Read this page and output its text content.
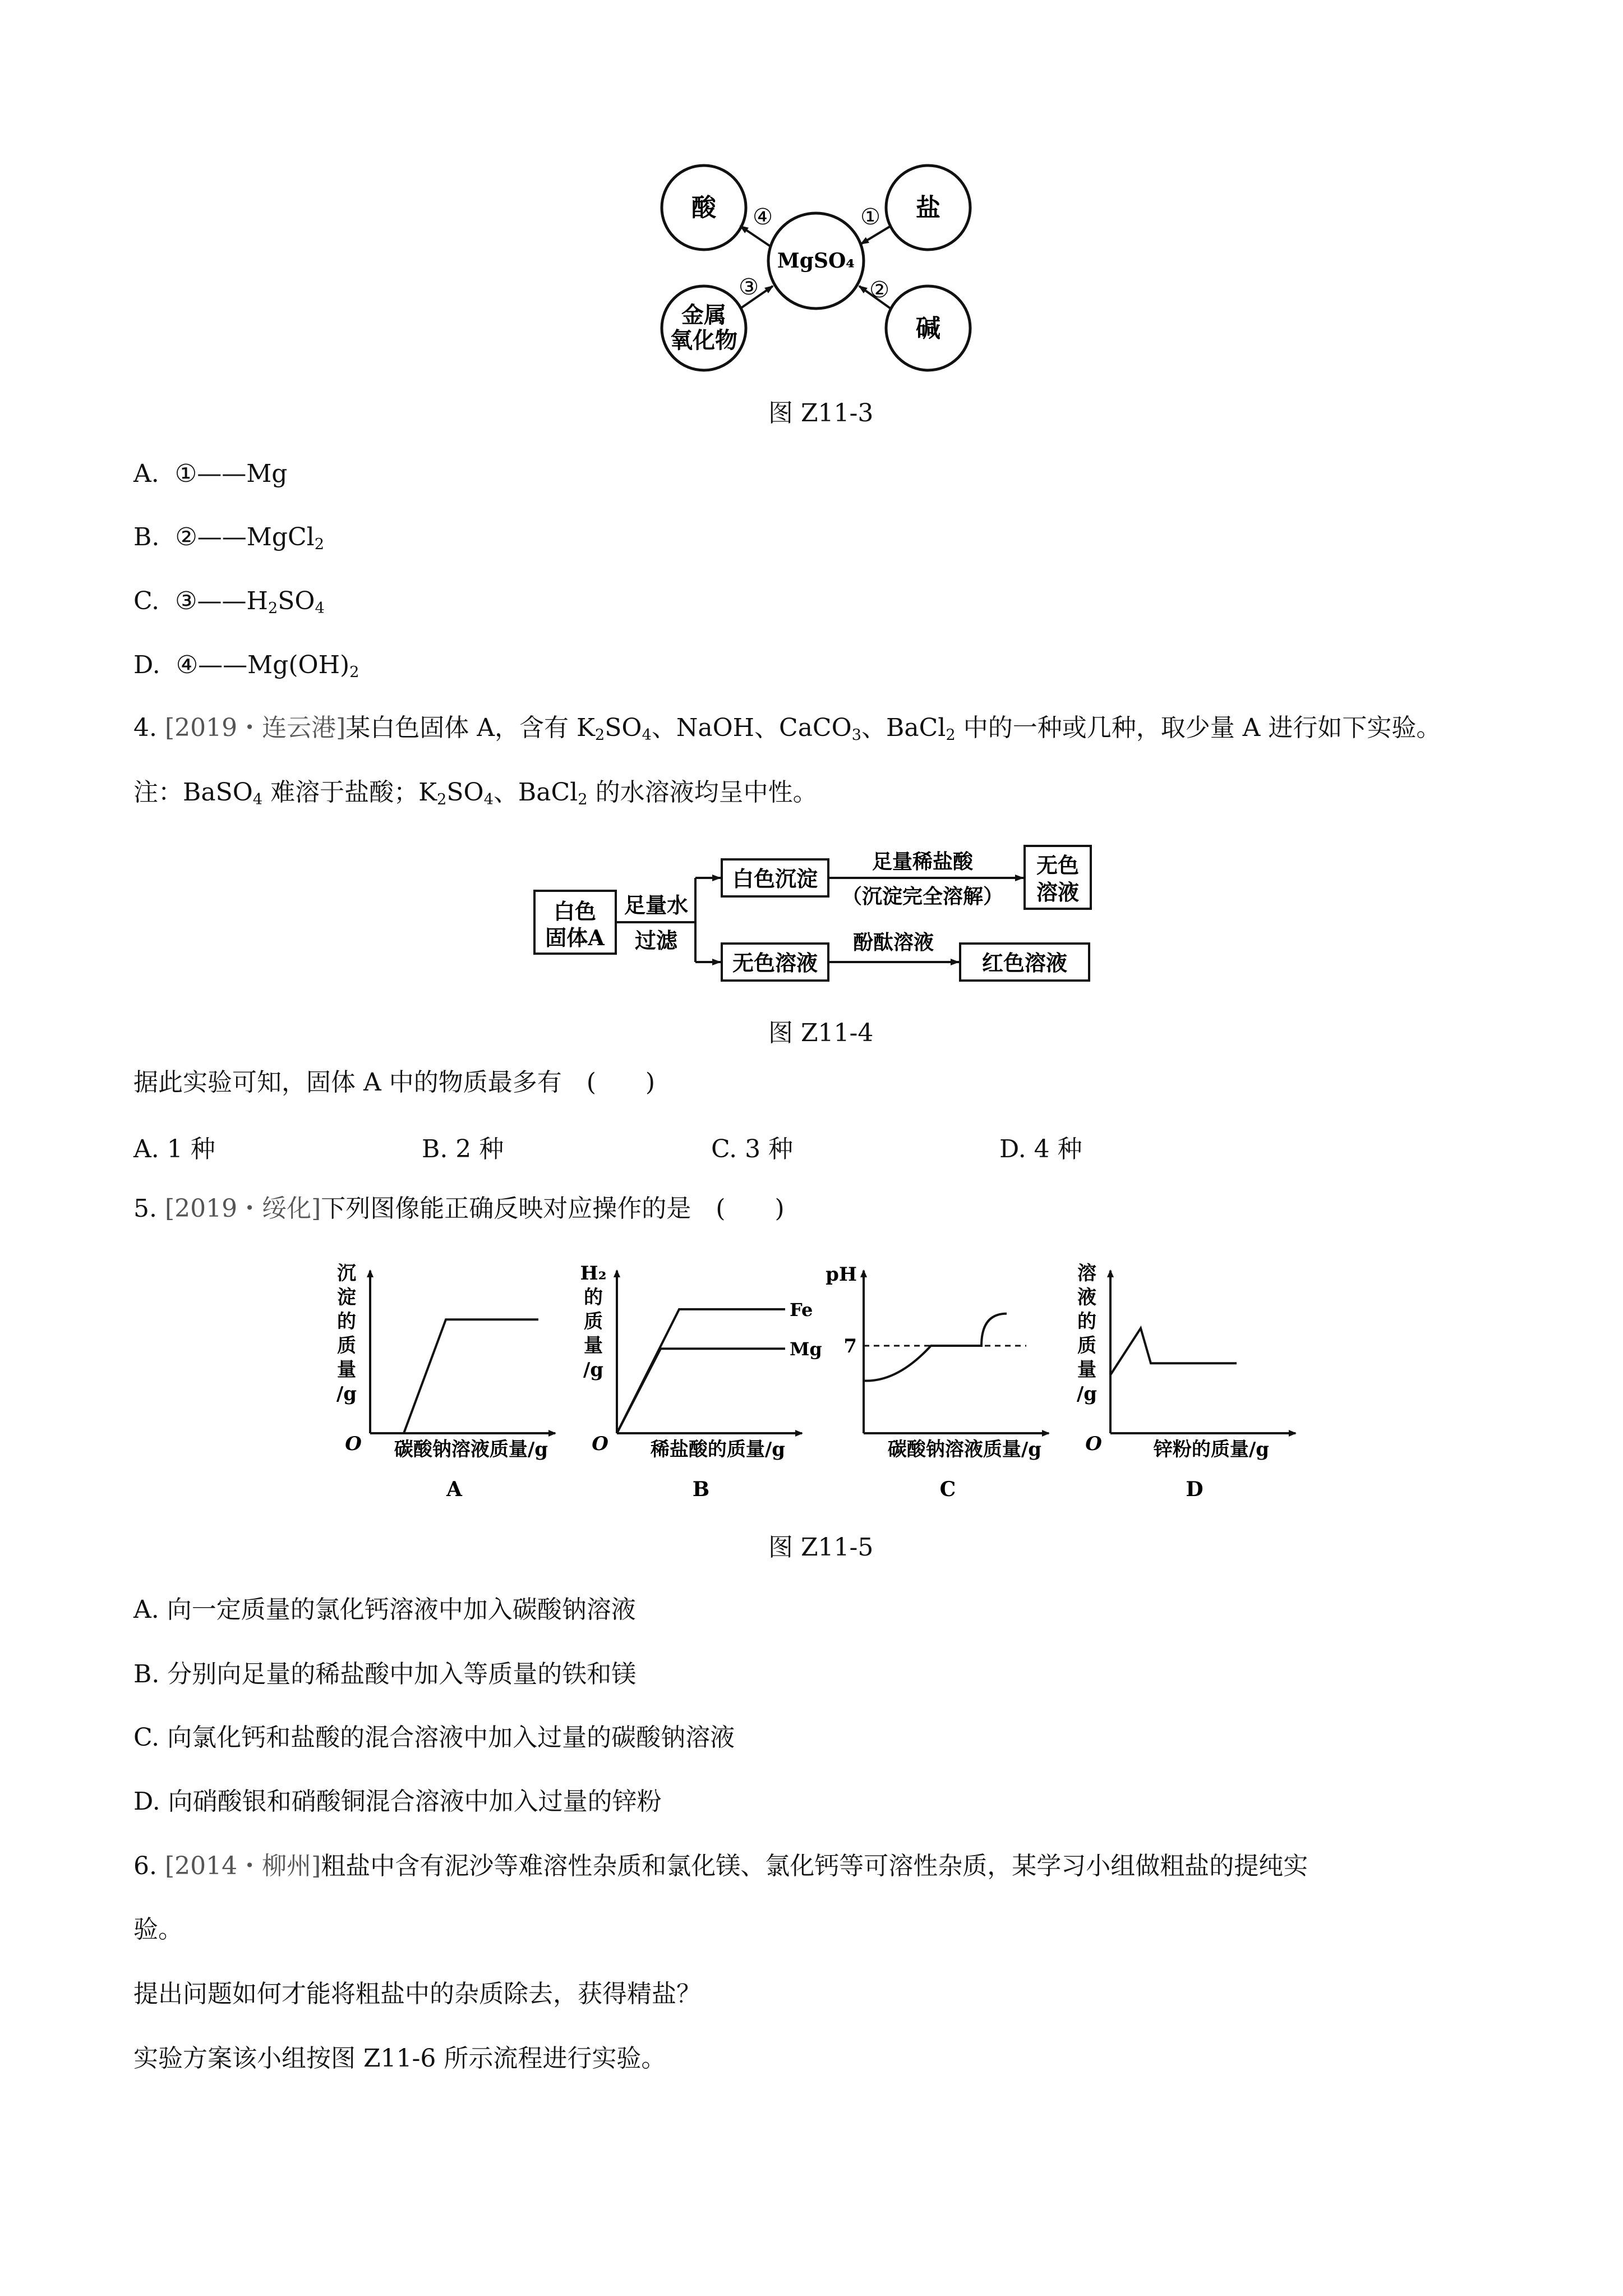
酸	盐
MgSO₄
金属
氧化物	碱
④	①
③	②
图 Z11-3
A. ①——Mg
B. ②——MgCl$_2$
C. $③——H_2SO_4$
D. $④——Mg(OH)_2$
4. [2019・连云港]某白色固体 A，含有 $K_2SO_4$、NaOH、CaCO$_3$、BaCl$_2$ 中的一种或几种，取少量 A 进行如下实验。
注：BaSO$_4$ 难溶于盐酸；$K_2SO_4$、BaCl$_2$ 的水溶液均呈中性。
白色
固体A
足量水
过滤
白色沉淀
足量稀盐酸
（沉淀完全溶解）
无色
溶液
无色溶液
酚酞溶液
红色溶液
图 Z11-4
据此实验可知，固体 A 中的物质最多有　(　　)
A. 1 种	B. 2 种	C. 3 种	D. 4 种
5. [2019・绥化]下列图像能正确反映对应操作的是　(　　)
沉
淀
的
质
量
/g
O 碳酸钠溶液质量/g
A
H₂
的
质
量
/g
O 稀盐酸的质量/g
B
Fe
Mg
pH
碳酸钠溶液质量/g
C
7
溶
液
的
质
量
/g
O	锌粉的质量/g
D
图 Z11-5
A. 向一定质量的氯化钙溶液中加入碳酸钠溶液
B. 分别向足量的稀盐酸中加入等质量的铁和镁
C. 向氯化钙和盐酸的混合溶液中加入过量的碳酸钠溶液
D. 向硝酸银和硝酸铜混合溶液中加入过量的锌粉
6. [2014・柳州]粗盐中含有泥沙等难溶性杂质和氯化镁、氯化钙等可溶性杂质，某学习小组做粗盐的提纯实
验。
提出问题如何才能将粗盐中的杂质除去，获得精盐？
实验方案该小组按图 Z11-6 所示流程进行实验。
